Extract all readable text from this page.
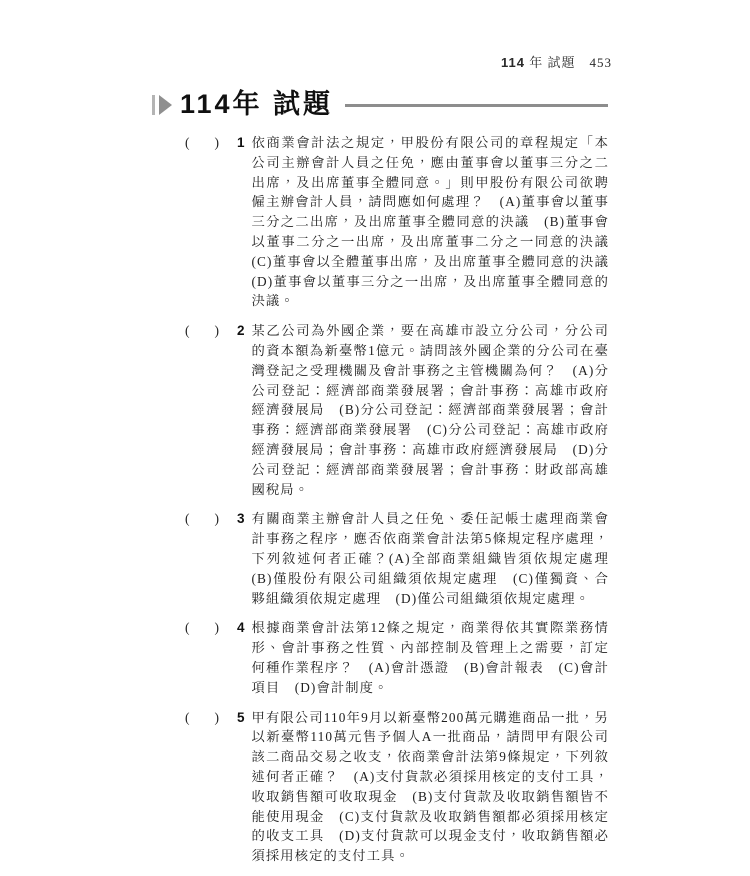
114 年 試題 453
114年 試題
( ) 1 依商業會計法之規定，甲股份有限公司的章程規定「本公司主辦會計人員之任免，應由董事會以董事三分之二出席，及出席董事全體同意。」則甲股份有限公司欲聘僱主辦會計人員，請問應如何處理？　(A)董事會以董事三分之二出席，及出席董事全體同意的決議　(B)董事會以董事二分之一出席，及出席董事二分之一同意的決議　(C)董事會以全體董事出席，及出席董事全體同意的決議　(D)董事會以董事三分之一出席，及出席董事全體同意的決議。
( ) 2 某乙公司為外國企業，要在高雄市設立分公司，分公司的資本額為新臺幣1億元。請問該外國企業的分公司在臺灣登記之受理機關及會計事務之主管機關為何？　(A)分公司登記：經濟部商業發展署；會計事務：高雄市政府經濟發展局　(B)分公司登記：經濟部商業發展署；會計事務：經濟部商業發展署　(C)分公司登記：高雄市政府經濟發展局；會計事務：高雄市政府經濟發展局　(D)分公司登記：經濟部商業發展署；會計事務：財政部高雄國稅局。
( ) 3 有關商業主辦會計人員之任免、委任記帳士處理商業會計事務之程序，應否依商業會計法第5條規定程序處理，下列敘述何者正確？(A)全部商業組織皆須依規定處理　(B)僅股份有限公司組織須依規定處理　(C)僅獨資、合夥組織須依規定處理　(D)僅公司組織須依規定處理。
( ) 4 根據商業會計法第12條之規定，商業得依其實際業務情形、會計事務之性質、內部控制及管理上之需要，訂定何種作業程序？　(A)會計憑證　(B)會計報表　(C)會計項目　(D)會計制度。
( ) 5 甲有限公司110年9月以新臺幣200萬元購進商品一批，另以新臺幣110萬元售予個人A一批商品，請問甲有限公司該二商品交易之收支，依商業會計法第9條規定，下列敘述何者正確？　(A)支付貨款必須採用核定的支付工具，收取銷售額可收取現金　(B)支付貨款及收取銷售額皆不能使用現金　(C)支付貨款及收取銷售額都必須採用核定的收支工具　(D)支付貨款可以現金支付，收取銷售額必須採用核定的支付工具。
